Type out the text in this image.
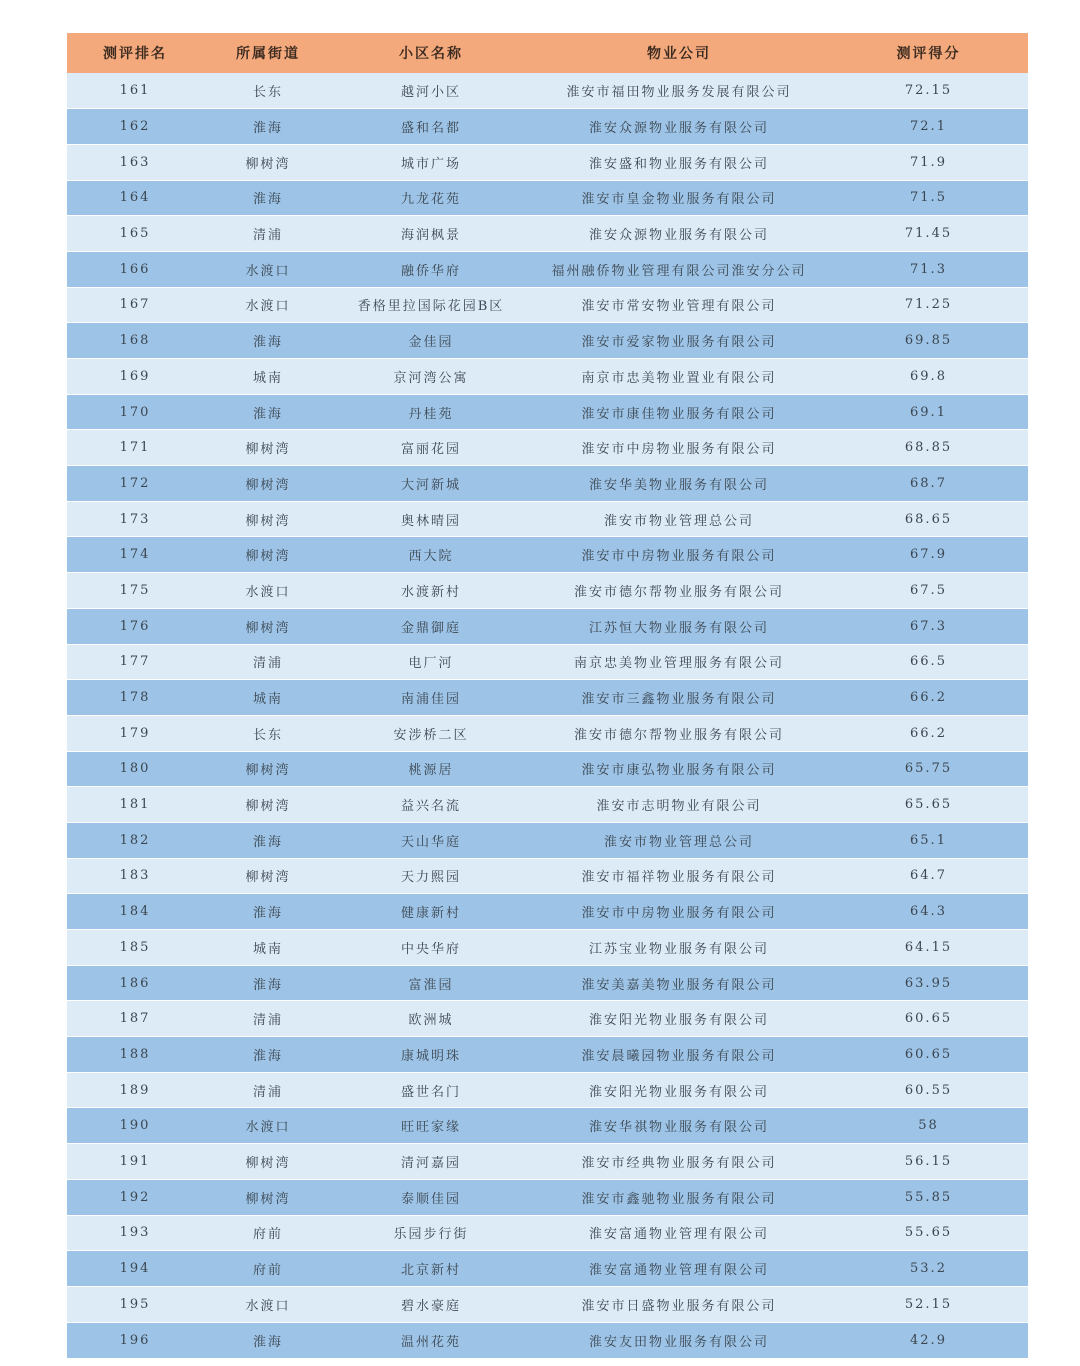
测评排名	所属街道	小区名称	物业公司	测评得分
161	长东	越河小区	淮安市福田物业服务发展有限公司	72.15
162	淮海	盛和名都	淮安众源物业服务有限公司	72.1
163	柳树湾	城市广场	淮安盛和物业服务有限公司	71.9
164	淮海	九龙花苑	淮安市皇金物业服务有限公司	71.5
165	清浦	海润枫景	淮安众源物业服务有限公司	71.45
166	水渡口	融侨华府	福州融侨物业管理有限公司淮安分公司	71.3
167	水渡口	香格里拉国际花园B区	淮安市常安物业管理有限公司	71.25
168	淮海	金佳园	淮安市爱家物业服务有限公司	69.85
169	城南	京河湾公寓	南京市忠美物业置业有限公司	69.8
170	淮海	丹桂苑	淮安市康佳物业服务有限公司	69.1
171	柳树湾	富丽花园	淮安市中房物业服务有限公司	68.85
172	柳树湾	大河新城	淮安华美物业服务有限公司	68.7
173	柳树湾	奥林晴园	淮安市物业管理总公司	68.65
174	柳树湾	西大院	淮安市中房物业服务有限公司	67.9
175	水渡口	水渡新村	淮安市德尔帮物业服务有限公司	67.5
176	柳树湾	金鼎御庭	江苏恒大物业服务有限公司	67.3
177	清浦	电厂河	南京忠美物业管理服务有限公司	66.5
178	城南	南浦佳园	淮安市三鑫物业服务有限公司	66.2
179	长东	安涉桥二区	淮安市德尔帮物业服务有限公司	66.2
180	柳树湾	桃源居	淮安市康弘物业服务有限公司	65.75
181	柳树湾	益兴名流	淮安市志明物业有限公司	65.65
182	淮海	天山华庭	淮安市物业管理总公司	65.1
183	柳树湾	天力熙园	淮安市福祥物业服务有限公司	64.7
184	淮海	健康新村	淮安市中房物业服务有限公司	64.3
185	城南	中央华府	江苏宝业物业服务有限公司	64.15
186	淮海	富淮园	淮安美嘉美物业服务有限公司	63.95
187	清浦	欧洲城	淮安阳光物业服务有限公司	60.65
188	淮海	康城明珠	淮安晨曦园物业服务有限公司	60.65
189	清浦	盛世名门	淮安阳光物业服务有限公司	60.55
190	水渡口	旺旺家缘	淮安华祺物业服务有限公司	58
191	柳树湾	清河嘉园	淮安市经典物业服务有限公司	56.15
192	柳树湾	泰顺佳园	淮安市鑫驰物业服务有限公司	55.85
193	府前	乐园步行街	淮安富通物业管理有限公司	55.65
194	府前	北京新村	淮安富通物业管理有限公司	53.2
195	水渡口	碧水豪庭	淮安市日盛物业服务有限公司	52.15
196	淮海	温州花苑	淮安友田物业服务有限公司	42.9
